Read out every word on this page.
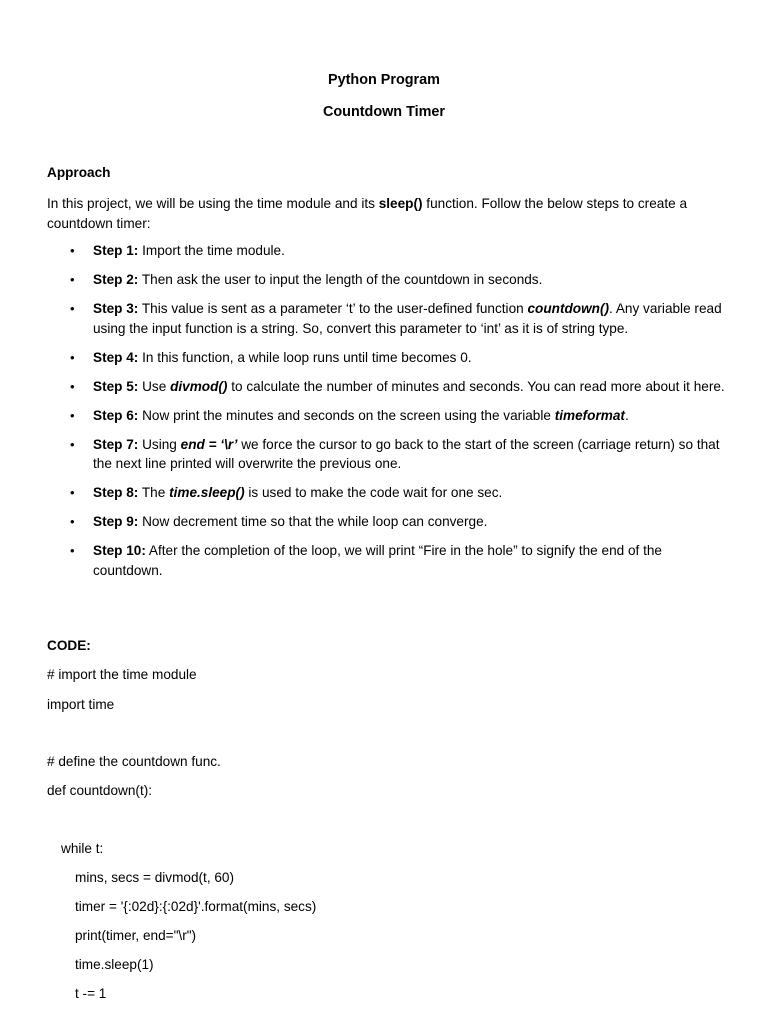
Python Program
Countdown Timer
Approach
In this project, we will be using the time module and its sleep() function. Follow the below steps to create a countdown timer:
• Step 1: Import the time module.
• Step 2: Then ask the user to input the length of the countdown in seconds.
• Step 3: This value is sent as a parameter ‘t’ to the user-defined function countdown(). Any variable read using the input function is a string. So, convert this parameter to ‘int’ as it is of string type.
• Step 4: In this function, a while loop runs until time becomes 0.
• Step 5: Use divmod() to calculate the number of minutes and seconds. You can read more about it here.
• Step 6: Now print the minutes and seconds on the screen using the variable timeformat.
• Step 7: Using end = ‘\r’ we force the cursor to go back to the start of the screen (carriage return) so that the next line printed will overwrite the previous one.
• Step 8: The time.sleep() is used to make the code wait for one sec.
• Step 9: Now decrement time so that the while loop can converge.
• Step 10: After the completion of the loop, we will print “Fire in the hole” to signify the end of the countdown.
CODE:
# import the time module
import time
# define the countdown func.
def countdown(t):
while t:
mins, secs = divmod(t, 60)
timer = '{:02d}:{:02d}'.format(mins, secs)
print(timer, end="\r")
time.sleep(1)
t -= 1
